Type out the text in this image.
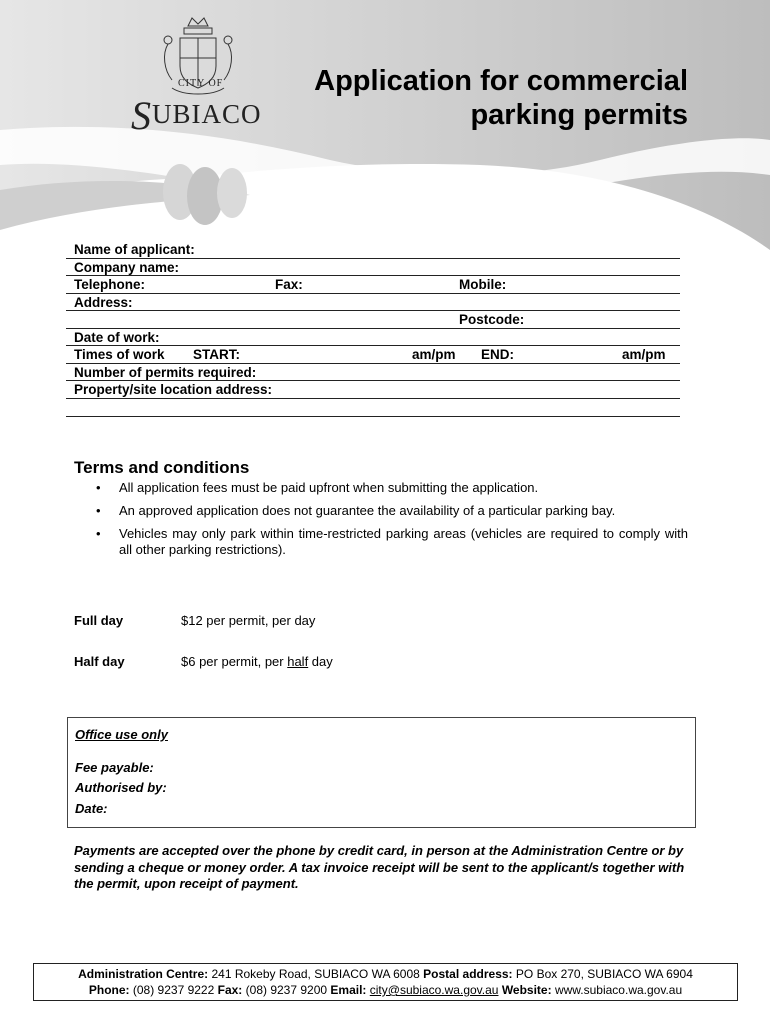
CITY OF
SUBIACO
Application for commercial
parking permits
Name of applicant:
Company name:
Telephone:	Fax:	Mobile:
Address:
Postcode:
Date of work:
Times of work START:	am/pm END:	am/pm
Number of permits required:
Property/site location address:
Terms and conditions
• All application fees must be paid upfront when submitting the application.
• An approved application does not guarantee the availability of a particular parking bay.
• Vehicles may only park within time-restricted parking areas (vehicles are required to comply with all other parking restrictions).
Full day	$12 per permit, per day
Half day	$6 per permit, per half day
Office use only
Fee payable:
Authorised by:
Date:
Payments are accepted over the phone by credit card, in person at the Administration Centre or by sending a cheque or money order. A tax invoice receipt will be sent to the applicant/s together with the permit, upon receipt of payment.
Administration Centre: 241 Rokeby Road, SUBIACO WA 6008 Postal address: PO Box 270, SUBIACO WA 6904
Phone: (08) 9237 9222 Fax: (08) 9237 9200 Email: city@subiaco.wa.gov.au Website: www.subiaco.wa.gov.au
